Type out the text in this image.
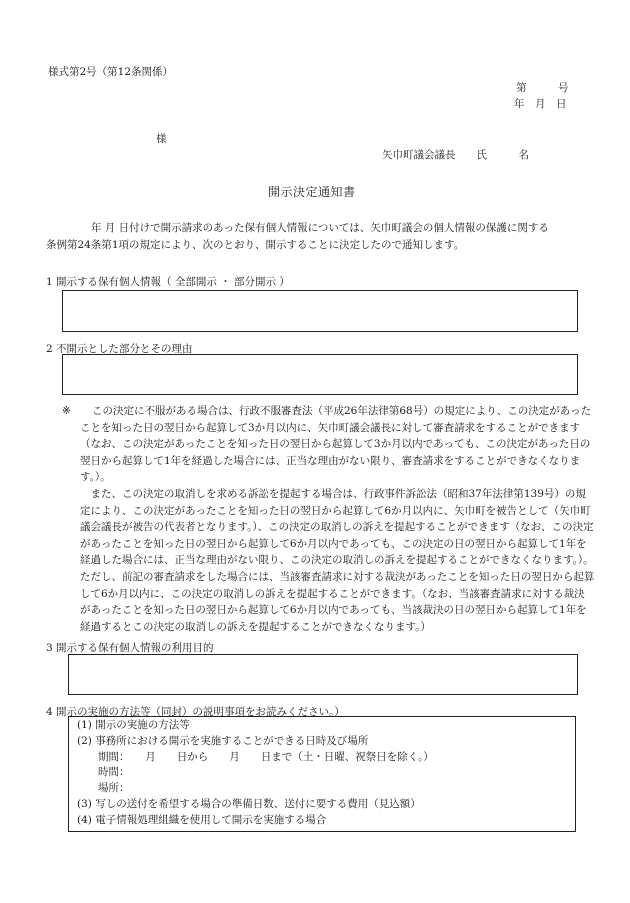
様式第2号（第12条関係）
第　　　号
年　月　日
様
矢巾町議会議長　　氏　　　名
開示決定通知書
年 月 日付けで開示請求のあった保有個人情報については、矢巾町議会の個人情報の保護に関する
条例第24条第1項の規定により、次のとおり、開示することに決定したので通知します。
1 開示する保有個人情報（ 全部開示 ・ 部分開示 ）
2 不開示とした部分とその理由
※	この決定に不服がある場合は、行政不服審査法（平成26年法律第68号）の規定により、この決定があった
ことを知った日の翌日から起算して3か月以内に、矢巾町議会議長に対して審査請求をすることができます
（なお、この決定があったことを知った日の翌日から起算して3か月以内であっても、この決定があった日の
翌日から起算して1年を経過した場合には、正当な理由がない限り、審査請求をすることができなくなりま
す。）。
　また、この決定の取消しを求める訴訟を提起する場合は、行政事件訴訟法（昭和37年法律第139号）の規
定により、この決定があったことを知った日の翌日から起算して6か月以内に、矢巾町を被告として（矢巾町
議会議長が被告の代表者となります。）、この決定の取消しの訴えを提起することができます（なお、この決定
があったことを知った日の翌日から起算して6か月以内であっても、この決定の日の翌日から起算して1年を
経過した場合には、正当な理由がない限り、この決定の取消しの訴えを提起することができなくなります。）。
ただし、前記の審査請求をした場合には、当該審査請求に対する裁決があったことを知った日の翌日から起算
して6か月以内に、この決定の取消しの訴えを提起することができます。（なお、当該審査請求に対する裁決
があったことを知った日の翌日から起算して6か月以内であっても、当該裁決の日の翌日から起算して1年を
経過するとこの決定の取消しの訴えを提起することができなくなります。）
3 開示する保有個人情報の利用目的
4 開示の実施の方法等（同封）の説明事項をお読みください。）
(1) 開示の実施の方法等
(2) 事務所における開示を実施することができる日時及び場所
　　期間：　　月　　日から　　月　　日まで（土・日曜、祝祭日を除く。）
　　時間：
　　場所：
(3) 写しの送付を希望する場合の準備日数、送付に要する費用（見込額）
(4) 電子情報処理組織を使用して開示を実施する場合
